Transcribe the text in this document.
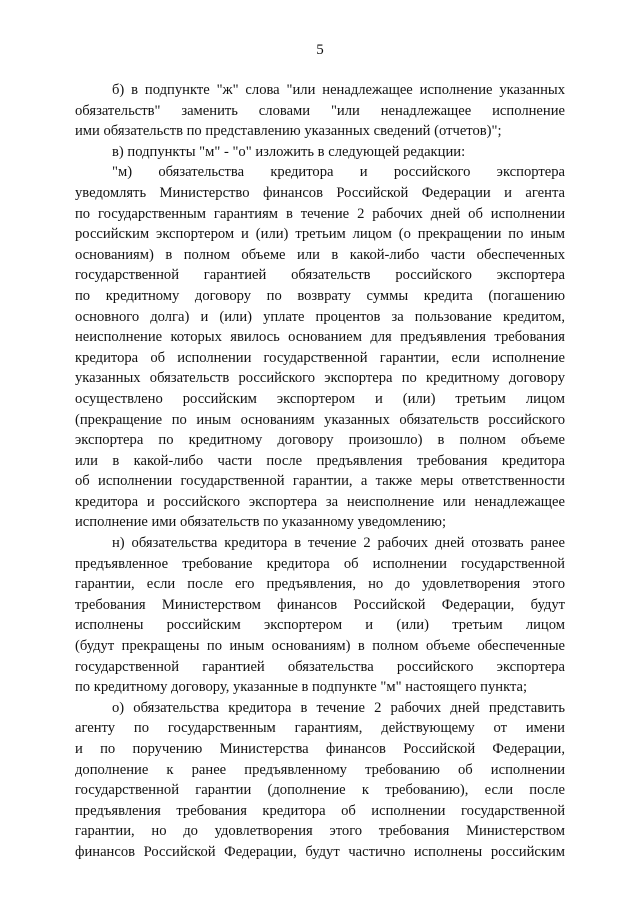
5
б) в подпункте "ж" слова "или ненадлежащее исполнение указанных
обязательств" заменить словами "или ненадлежащее исполнение
ими обязательств по представлению указанных сведений (отчетов)";
в) подпункты "м" - "о" изложить в следующей редакции:
"м) обязательства кредитора и российского экспортера
уведомлять Министерство финансов Российской Федерации и агента
по государственным гарантиям в течение 2 рабочих дней об исполнении
российским экспортером и (или) третьим лицом (о прекращении по иным
основаниям) в полном объеме или в какой-либо части обеспеченных
государственной гарантией обязательств российского экспортера
по кредитному договору по возврату суммы кредита (погашению
основного долга) и (или) уплате процентов за пользование кредитом,
неисполнение которых явилось основанием для предъявления требования
кредитора об исполнении государственной гарантии, если исполнение
указанных обязательств российского экспортера по кредитному договору
осуществлено российским экспортером и (или) третьим лицом
(прекращение по иным основаниям указанных обязательств российского
экспортера по кредитному договору произошло) в полном объеме
или в какой-либо части после предъявления требования кредитора
об исполнении государственной гарантии, а также меры ответственности
кредитора и российского экспортера за неисполнение или ненадлежащее
исполнение ими обязательств по указанному уведомлению;
н) обязательства кредитора в течение 2 рабочих дней отозвать ранее
предъявленное требование кредитора об исполнении государственной
гарантии, если после его предъявления, но до удовлетворения этого
требования Министерством финансов Российской Федерации, будут
исполнены российским экспортером и (или) третьим лицом
(будут прекращены по иным основаниям) в полном объеме обеспеченные
государственной гарантией обязательства российского экспортера
по кредитному договору, указанные в подпункте "м" настоящего пункта;
о) обязательства кредитора в течение 2 рабочих дней представить
агенту по государственным гарантиям, действующему от имени
и по поручению Министерства финансов Российской Федерации,
дополнение к ранее предъявленному требованию об исполнении
государственной гарантии (дополнение к требованию), если после
предъявления требования кредитора об исполнении государственной
гарантии, но до удовлетворения этого требования Министерством
финансов Российской Федерации, будут частично исполнены российским
